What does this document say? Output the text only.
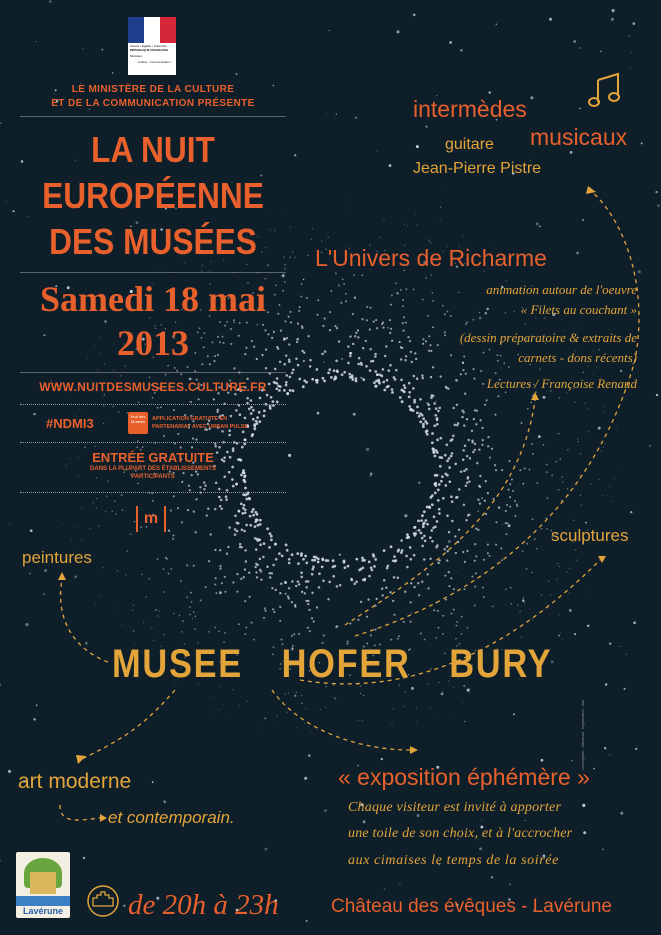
Liberté • Égalité • Fraternité
RÉPUBLIQUE FRANÇAISE
Ministère
Culture Communication
LE MINISTÈRE DE LA CULTURE
ET DE LA COMMUNICATION PRÉSENTE
LA NUIT
EUROPÉENNE
DES MUSÉES
Samedi 18 mai
2013
WWW.NUITDESMUSEES.CULTURE.FR
#NDMI3	Nuit des Musées	APPLICATION GRATUITE EN
PARTENARIAT AVEC URBAN PULSE
ENTRÉE GRATUITE
DANS LA PLUPART DES ÉTABLISSEMENTS
PARTICIPANTS
m
intermèdes
musicaux
guitare
Jean-Pierre Pistre
L'Univers de Richarme
animation autour de l'oeuvre
« Filets au couchant »
(dessin préparatoire & extraits de
carnets - dons récents)
Lectures / Françoise Renaud
peintures
sculptures
MUSEE HOFER BURY
art moderne
et contemporain.
« exposition éphémère »
Chaque visiteur est invité à apporter
une toile de son choix, et à l'accrocher
aux cimaises le temps de la soirée
conception : artisanal · impression : xxx
Lavérune de 20h à 23h	Château des évêques - Lavérune
